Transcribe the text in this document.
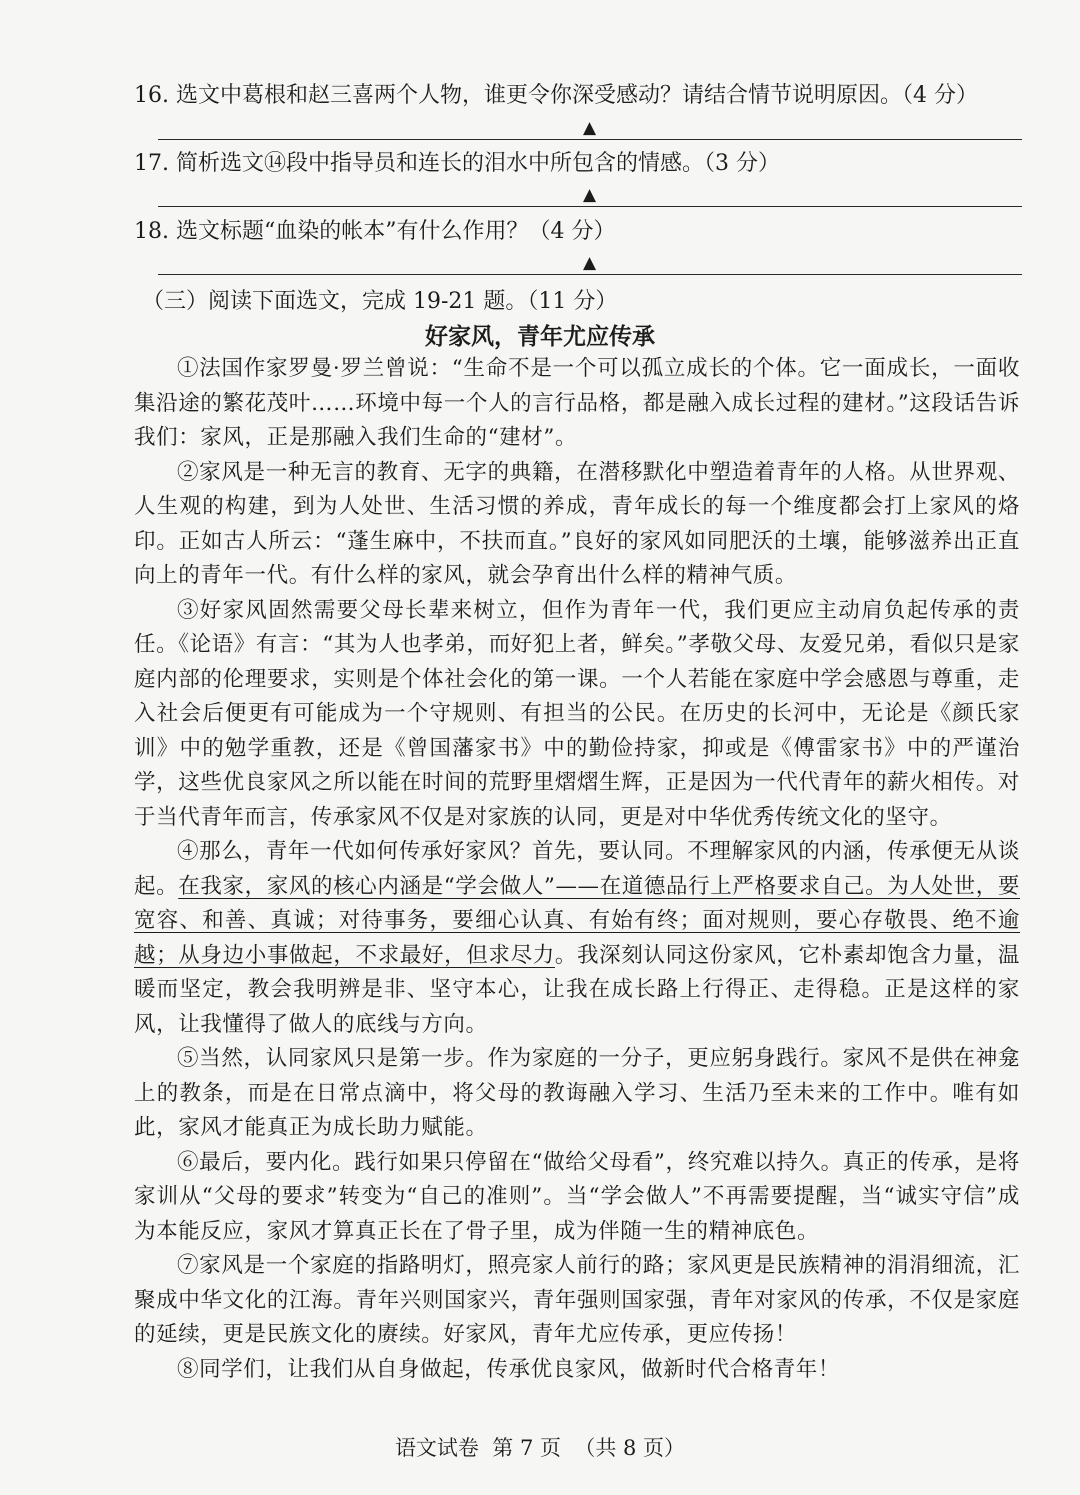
16. 选文中葛根和赵三喜两个人物，谁更令你深受感动？请结合情节说明原因。（4 分）
▲
17. 简析选文⑭段中指导员和连长的泪水中所包含的情感。（3 分）
▲
18. 选文标题“血染的帐本”有什么作用？（4 分）
▲
（三）阅读下面选文，完成 19-21 题。（11 分）
好家风，青年尤应传承

①法国作家罗曼·罗兰曾说：“生命不是一个可以孤立成长的个体。它一面成长，一面收集沿途的繁花茂叶……环境中每一个人的言行品格，都是融入成长过程的建材。”这段话告诉我们：家风，正是那融入我们生命的“建材”。

②家风是一种无言的教育、无字的典籍，在潜移默化中塑造着青年的人格。从世界观、人生观的构建，到为人处世、生活习惯的养成，青年成长的每一个维度都会打上家风的烙印。正如古人所云：“蓬生麻中，不扶而直。”良好的家风如同肥沃的土壤，能够滋养出正直向上的青年一代。有什么样的家风，就会孕育出什么样的精神气质。

③好家风固然需要父母长辈来树立，但作为青年一代，我们更应主动肩负起传承的责任。《论语》有言：“其为人也孝弟，而好犯上者，鲜矣。”孝敬父母、友爱兄弟，看似只是家庭内部的伦理要求，实则是个体社会化的第一课。一个人若能在家庭中学会感恩与尊重，走入社会后便更有可能成为一个守规则、有担当的公民。在历史的长河中，无论是《颜氏家训》中的勉学重教，还是《曾国藩家书》中的勤俭持家，抑或是《傅雷家书》中的严谨治学，这些优良家风之所以能在时间的荒野里熠熠生辉，正是因为一代代青年的薪火相传。对于当代青年而言，传承家风不仅是对家族的认同，更是对中华优秀传统文化的坚守。

④那么，青年一代如何传承好家风？首先，要认同。不理解家风的内涵，传承便无从谈起。在我家，家风的核心内涵是“学会做人”——在道德品行上严格要求自己。为人处世，要宽容、和善、真诚；对待事务，要细心认真、有始有终；面对规则，要心存敬畏、绝不逾越；从身边小事做起，不求最好，但求尽力。我深刻认同这份家风，它朴素却饱含力量，温暖而坚定，教会我明辨是非、坚守本心，让我在成长路上行得正、走得稳。正是这样的家风，让我懂得了做人的底线与方向。

⑤当然，认同家风只是第一步。作为家庭的一分子，更应躬身践行。家风不是供在神龛上的教条，而是在日常点滴中，将父母的教诲融入学习、生活乃至未来的工作中。唯有如此，家风才能真正为成长助力赋能。

⑥最后，要内化。践行如果只停留在“做给父母看”，终究难以持久。真正的传承，是将家训从“父母的要求”转变为“自己的准则”。当“学会做人”不再需要提醒，当“诚实守信”成为本能反应，家风才算真正长在了骨子里，成为伴随一生的精神底色。

⑦家风是一个家庭的指路明灯，照亮家人前行的路；家风更是民族精神的涓涓细流，汇聚成中华文化的江海。青年兴则国家兴，青年强则国家强，青年对家风的传承，不仅是家庭的延续，更是民族文化的赓续。好家风，青年尤应传承，更应传扬！

⑧同学们，让我们从自身做起，传承优良家风，做新时代合格青年！

语文试卷  第 7 页  （共 8 页）
